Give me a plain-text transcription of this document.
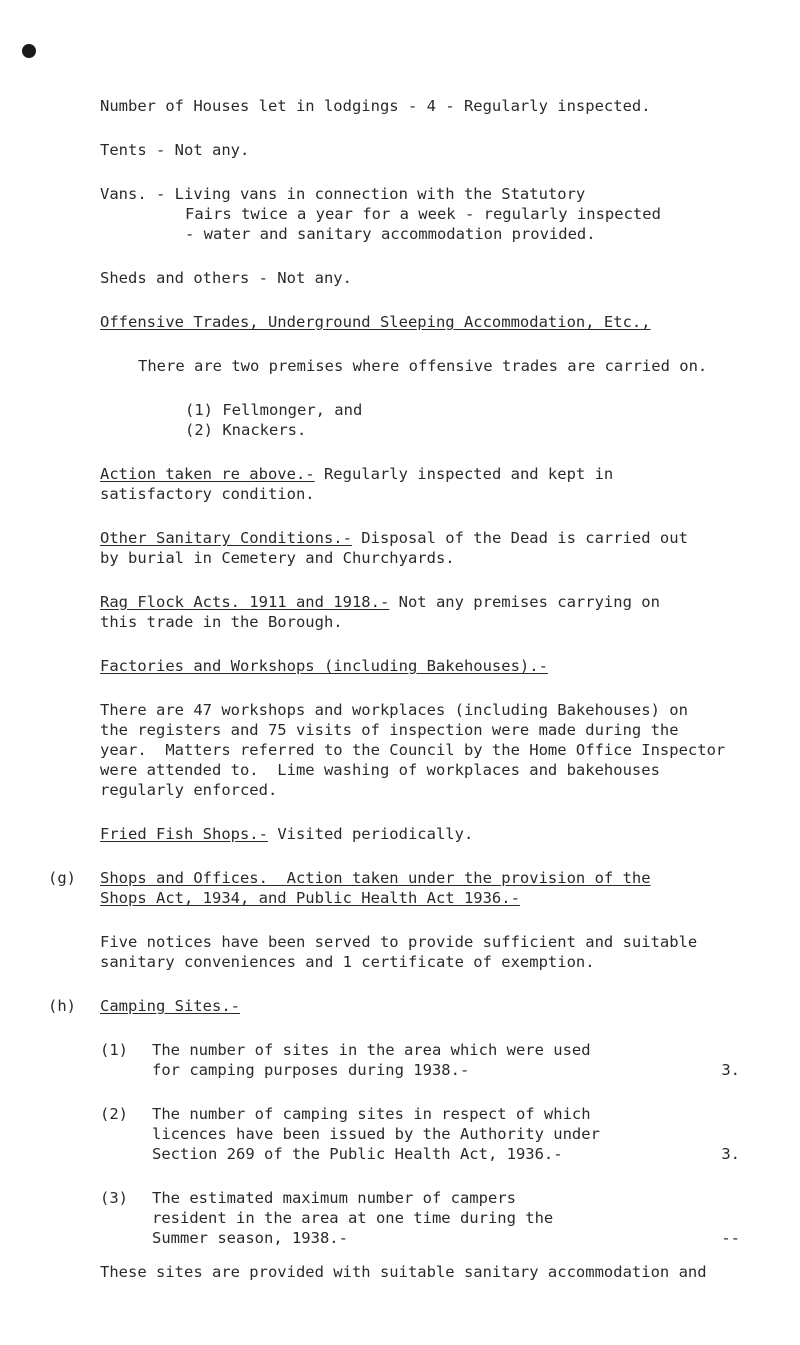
Number of Houses let in lodgings - 4 - Regularly inspected.
Tents - Not any.
Vans. - Living vans in connection with the Statutory
Fairs twice a year for a week - regularly inspected
- water and sanitary accommodation provided.
Sheds and others - Not any.
Offensive Trades, Underground Sleeping Accommodation, Etc.,
There are two premises where offensive trades are carried on.
(1) Fellmonger, and
(2) Knackers.
Action taken re above.- Regularly inspected and kept in
satisfactory condition.
Other Sanitary Conditions.- Disposal of the Dead is carried out
by burial in Cemetery and Churchyards.
Rag Flock Acts. 1911 and 1918.- Not any premises carrying on
this trade in the Borough.
Factories and Workshops (including Bakehouses).-
There are 47 workshops and workplaces (including Bakehouses) on
the registers and 75 visits of inspection were made during the
year.  Matters referred to the Council by the Home Office Inspector
were attended to.  Lime washing of workplaces and bakehouses
regularly enforced.
Fried Fish Shops.- Visited periodically.
(g) Shops and Offices.  Action taken under the provision of the
Shops Act, 1934, and Public Health Act 1936.-
Five notices have been served to provide sufficient and suitable
sanitary conveniences and 1 certificate of exemption.
(h) Camping Sites.-
(1) The number of sites in the area which were used
for camping purposes during 1938.-	3.
(2) The number of camping sites in respect of which
licences have been issued by the Authority under
Section 269 of the Public Health Act, 1936.-	3.
(3) The estimated maximum number of campers
resident in the area at one time during the
Summer season, 1938.-	--
These sites are provided with suitable sanitary accommodation and
